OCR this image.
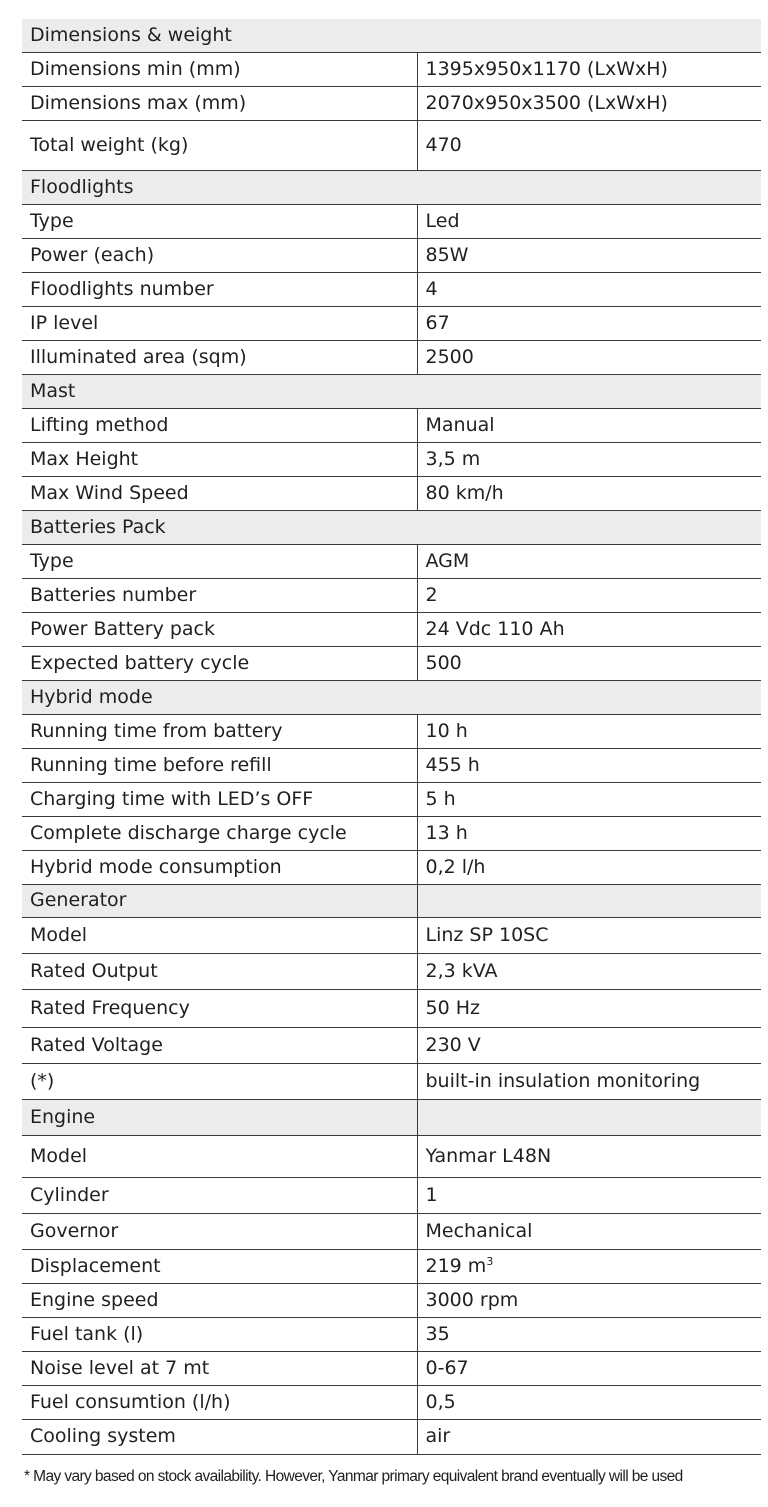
Dimensions & weight	
Dimensions min (mm)	1395x950x1170 (LxWxH)
Dimensions max (mm)	2070x950x3500 (LxWxH)
Total weight (kg)	470
Floodlights	
Type	Led
Power (each)	85W
Floodlights number	4
IP level	67
Illuminated area (sqm)	2500
Mast	
Lifting method	Manual
Max Height	3,5 m
Max Wind Speed	80 km/h
Batteries Pack	
Type	AGM
Batteries number	2
Power Battery pack	24 Vdc 110 Ah
Expected battery cycle	500
Hybrid mode	
Running time from battery	10 h
Running time before refill	455 h
Charging time with LED’s OFF	5 h
Complete discharge charge cycle	13 h
Hybrid mode consumption	0,2 l/h
Generator	
Model	Linz SP 10SC
Rated Output	2,3 kVA
Rated Frequency	50 Hz
Rated Voltage	230 V
(*)	built-in insulation monitoring
Engine	
Model	Yanmar L48N
Cylinder	1
Governor	Mechanical
Displacement	219 $m^3$
Engine speed	3000 rpm
Fuel tank (l)	35
Noise level at 7 mt	0-67
Fuel consumtion (l/h)	0,5
Cooling system	air
* May vary based on stock availability. However, Yanmar primary equivalent brand eventually will be used
